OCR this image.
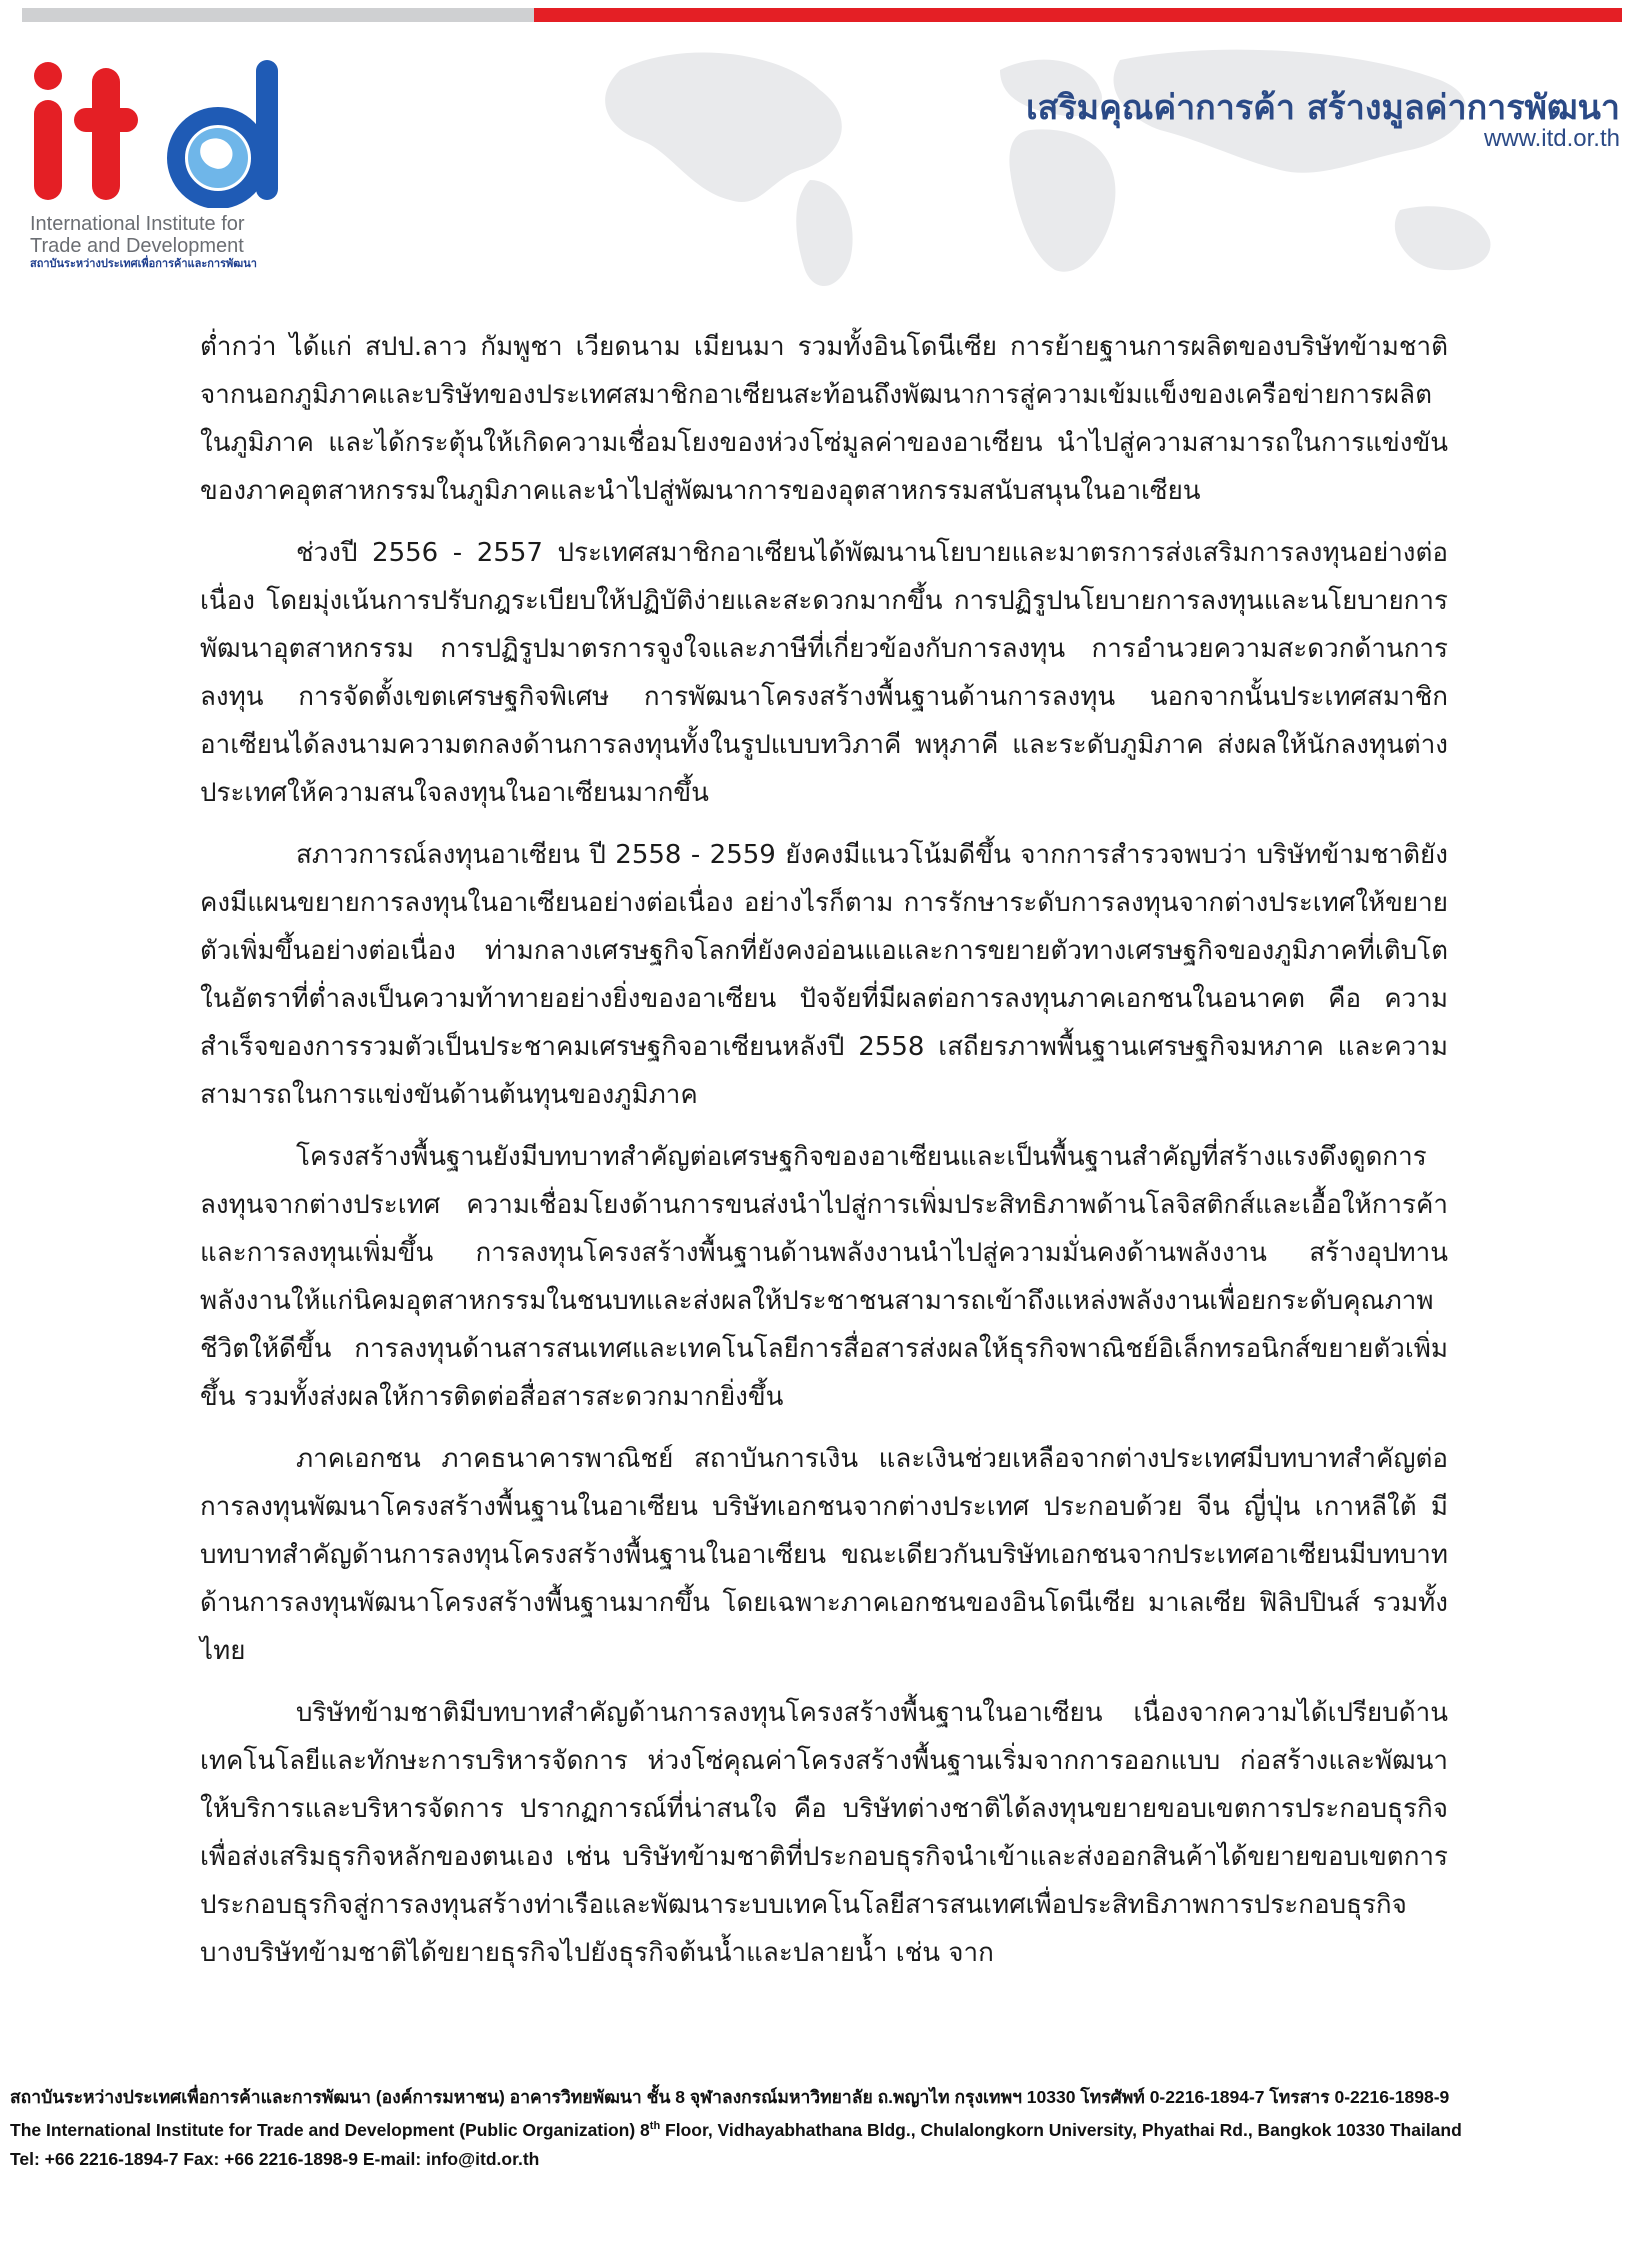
International Institute for
Trade and Development
สถาบันระหว่างประเทศเพื่อการค้าและการพัฒนา
เสริมคุณค่าการค้า สร้างมูลค่าการพัฒนา
www.itd.or.th

ต่ำกว่า ได้แก่ สปป.ลาว กัมพูชา เวียดนาม เมียนมา รวมทั้งอินโดนีเซีย การย้ายฐานการผลิตของบริษัทข้ามชาติจากนอกภูมิภาคและบริษัทของประเทศสมาชิกอาเซียนสะท้อนถึงพัฒนาการสู่ความเข้มแข็งของเครือข่ายการผลิตในภูมิภาค และได้กระตุ้นให้เกิดความเชื่อมโยงของห่วงโซ่มูลค่าของอาเซียน นำไปสู่ความสามารถในการแข่งขันของภาคอุตสาหกรรมในภูมิภาคและนำไปสู่พัฒนาการของอุตสาหกรรมสนับสนุนในอาเซียน

ช่วงปี 2556 - 2557 ประเทศสมาชิกอาเซียนได้พัฒนานโยบายและมาตรการส่งเสริมการลงทุนอย่างต่อเนื่อง โดยมุ่งเน้นการปรับกฎระเบียบให้ปฏิบัติง่ายและสะดวกมากขึ้น การปฏิรูปนโยบายการลงทุนและนโยบายการพัฒนาอุตสาหกรรม การปฏิรูปมาตรการจูงใจและภาษีที่เกี่ยวข้องกับการลงทุน การอำนวยความสะดวกด้านการลงทุน การจัดตั้งเขตเศรษฐกิจพิเศษ การพัฒนาโครงสร้างพื้นฐานด้านการลงทุน นอกจากนั้นประเทศสมาชิกอาเซียนได้ลงนามความตกลงด้านการลงทุนทั้งในรูปแบบทวิภาคี พหุภาคี และระดับภูมิภาค ส่งผลให้นักลงทุนต่างประเทศให้ความสนใจลงทุนในอาเซียนมากขึ้น

สภาวการณ์ลงทุนอาเซียน ปี 2558 - 2559 ยังคงมีแนวโน้มดีขึ้น จากการสำรวจพบว่า บริษัทข้ามชาติยังคงมีแผนขยายการลงทุนในอาเซียนอย่างต่อเนื่อง อย่างไรก็ตาม การรักษาระดับการลงทุนจากต่างประเทศให้ขยายตัวเพิ่มขึ้นอย่างต่อเนื่อง ท่ามกลางเศรษฐกิจโลกที่ยังคงอ่อนแอและการขยายตัวทางเศรษฐกิจของภูมิภาคที่เติบโตในอัตราที่ต่ำลงเป็นความท้าทายอย่างยิ่งของอาเซียน ปัจจัยที่มีผลต่อการลงทุนภาคเอกชนในอนาคต คือ ความสำเร็จของการรวมตัวเป็นประชาคมเศรษฐกิจอาเซียนหลังปี 2558 เสถียรภาพพื้นฐานเศรษฐกิจมหภาค และความสามารถในการแข่งขันด้านต้นทุนของภูมิภาค

โครงสร้างพื้นฐานยังมีบทบาทสำคัญต่อเศรษฐกิจของอาเซียนและเป็นพื้นฐานสำคัญที่สร้างแรงดึงดูดการลงทุนจากต่างประเทศ ความเชื่อมโยงด้านการขนส่งนำไปสู่การเพิ่มประสิทธิภาพด้านโลจิสติกส์และเอื้อให้การค้าและการลงทุนเพิ่มขึ้น การลงทุนโครงสร้างพื้นฐานด้านพลังงานนำไปสู่ความมั่นคงด้านพลังงาน สร้างอุปทานพลังงานให้แก่นิคมอุตสาหกรรมในชนบทและส่งผลให้ประชาชนสามารถเข้าถึงแหล่งพลังงานเพื่อยกระดับคุณภาพชีวิตให้ดีขึ้น การลงทุนด้านสารสนเทศและเทคโนโลยีการสื่อสารส่งผลให้ธุรกิจพาณิชย์อิเล็กทรอนิกส์ขยายตัวเพิ่มขึ้น รวมทั้งส่งผลให้การติดต่อสื่อสารสะดวกมากยิ่งขึ้น

ภาคเอกชน ภาคธนาคารพาณิชย์ สถาบันการเงิน และเงินช่วยเหลือจากต่างประเทศมีบทบาทสำคัญต่อการลงทุนพัฒนาโครงสร้างพื้นฐานในอาเซียน บริษัทเอกชนจากต่างประเทศ ประกอบด้วย จีน ญี่ปุ่น เกาหลีใต้ มีบทบาทสำคัญด้านการลงทุนโครงสร้างพื้นฐานในอาเซียน ขณะเดียวกันบริษัทเอกชนจากประเทศอาเซียนมีบทบาทด้านการลงทุนพัฒนาโครงสร้างพื้นฐานมากขึ้น โดยเฉพาะภาคเอกชนของอินโดนีเซีย มาเลเซีย ฟิลิปปินส์ รวมทั้งไทย

บริษัทข้ามชาติมีบทบาทสำคัญด้านการลงทุนโครงสร้างพื้นฐานในอาเซียน เนื่องจากความได้เปรียบด้านเทคโนโลยีและทักษะการบริหารจัดการ ห่วงโซ่คุณค่าโครงสร้างพื้นฐานเริ่มจากการออกแบบ ก่อสร้างและพัฒนา ให้บริการและบริหารจัดการ ปรากฏการณ์ที่น่าสนใจ คือ บริษัทต่างชาติได้ลงทุนขยายขอบเขตการประกอบธุรกิจเพื่อส่งเสริมธุรกิจหลักของตนเอง เช่น บริษัทข้ามชาติที่ประกอบธุรกิจนำเข้าและส่งออกสินค้าได้ขยายขอบเขตการประกอบธุรกิจสู่การลงทุนสร้างท่าเรือและพัฒนาระบบเทคโนโลยีสารสนเทศเพื่อประสิทธิภาพการประกอบธุรกิจ บางบริษัทข้ามชาติได้ขยายธุรกิจไปยังธุรกิจต้นน้ำและปลายน้ำ เช่น จาก

สถาบันระหว่างประเทศเพื่อการค้าและการพัฒนา (องค์การมหาชน) อาคารวิทยพัฒนา ชั้น 8 จุฬาลงกรณ์มหาวิทยาลัย ถ.พญาไท กรุงเทพฯ 10330 โทรศัพท์ 0-2216-1894-7 โทรสาร 0-2216-1898-9
The International Institute for Trade and Development (Public Organization) 8th Floor, Vidhayabhathana Bldg., Chulalongkorn University, Phyathai Rd., Bangkok 10330 Thailand
Tel: +66 2216-1894-7 Fax: +66 2216-1898-9 E-mail: info@itd.or.th
